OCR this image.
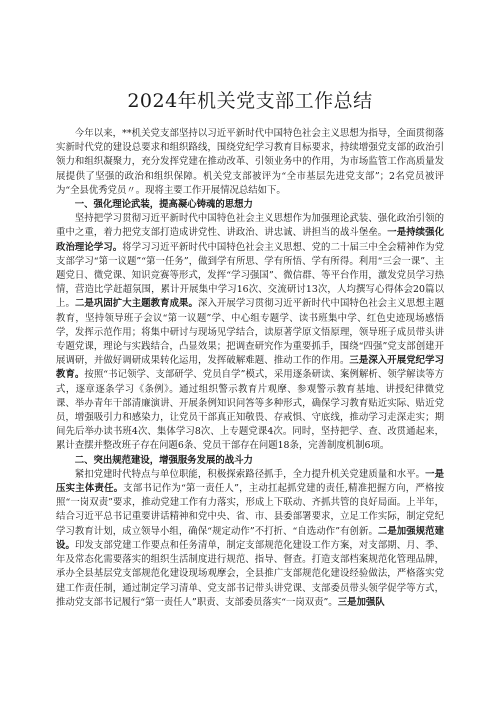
2024年机关党支部工作总结

今年以来，**机关党支部坚持以习近平新时代中国特色社会主义思想为指导，全面贯彻落实新时代党的建设总要求和组织路线，围绕党纪学习教育目标要求，持续增强党支部的政治引领力和组织凝聚力，充分发挥党建在推动改革、引领业务中的作用，为市场监管工作高质量发展提供了坚强的政治和组织保障。机关党支部被评为“全市基层先进党支部”；2名党员被评为“全县优秀党员〃。现将主要工作开展情况总结如下。

一、强化理论武装，提高凝心铸魂的思想力

坚持把学习贯彻习近平新时代中国特色社会主义思想作为加强理论武装、强化政治引领的重中之重，着力把党支部打造成讲党性、讲政治、讲忠诚、讲担当的战斗堡垒。一是持续强化政治理论学习。将学习习近平新时代中国特色社会主义思想、党的二十届三中全会精神作为党支部学习“第一议题”“第一任务”，做到学有所思、学有所悟、学有所得。利用“三会一课”、主题党日、微党课、知识竞赛等形式，发挥“学习强国”、微信群、等平台作用，激发党员学习热情，营造比学赶超氛围，累计开展集中学习16次、交流研讨13次，人均撰写心得体会20篇以上。二是巩固扩大主题教育成果。深入开展学习贯彻习近平新时代中国特色社会主义思想主题教育，坚持领导班子会议“第一议题”学、中心组专题学、读书班集中学、红色史迹现场感悟学，发挥示范作用；将集中研讨与现场见学结合，读原著学原文悟原理，领导班子成员带头讲专题党课，理论与实践结合，凸显效果；把调查研究作为重要抓手，围绕“四强”党支部创建开展调研，并做好调研成果转化运用，发挥破解难题、推动工作的作用。三是深入开展党纪学习教育。按照“书记领学、支部研学、党员自学”模式，采用逐条研读、案例解析、领学解读等方式，逐章逐条学习《条例》。通过组织警示教育片观摩、参观警示教育基地、讲授纪律微党课、举办青年干部清廉演讲、开展条例知识问答等多种形式，确保学习教育贴近实际、贴近党员，增强吸引力和感染力，让党员干部真正知敬畏、存戒惧、守底线，推动学习走深走实；期间先后举办读书班4次、集体学习8次、上专题党课4次。同时，坚持把学、查、改贯通起来，累计查摆并整改班子存在问题6条、党员干部存在问题18条，完善制度机制6项。

二、突出规范建设，增强服务发展的战斗力

紧扣党建时代特点与单位职能，积极探索路径抓手，全力提升机关党建质量和水平。一是压实主体责任。支部书记作为“第一责任人”，主动扛起抓党建的责任,精准把握方向，严格按照“一岗双责”要求，推动党建工作有力落实，形成上下联动、齐抓共管的良好局面。上半年，结合习近平总书记重要讲话精神和党中央、省、市、县委部署要求，立足工作实际，制定党纪学习教育计划，成立领导小组，确保“规定动作”不打折、“自选动作”有创新。二是加强规范建设。印发支部党建工作要点和任务清单，制定支部规范化建设工作方案，对支部期、月、季、年及常态化需要落实的组织生活制度进行规范、指导、督查。打造支部档案规范化管理品牌，承办全县基层党支部规范化建设现场观摩会，全县推广支部规范化建设经验做法，严格落实党建工作责任制，通过制定学习清单、党支部书记带头讲党课、支部委员带头领学促学等方式，推动党支部书记履行“第一责任人”职责、支部委员落实“一岗双责”。三是加强队
